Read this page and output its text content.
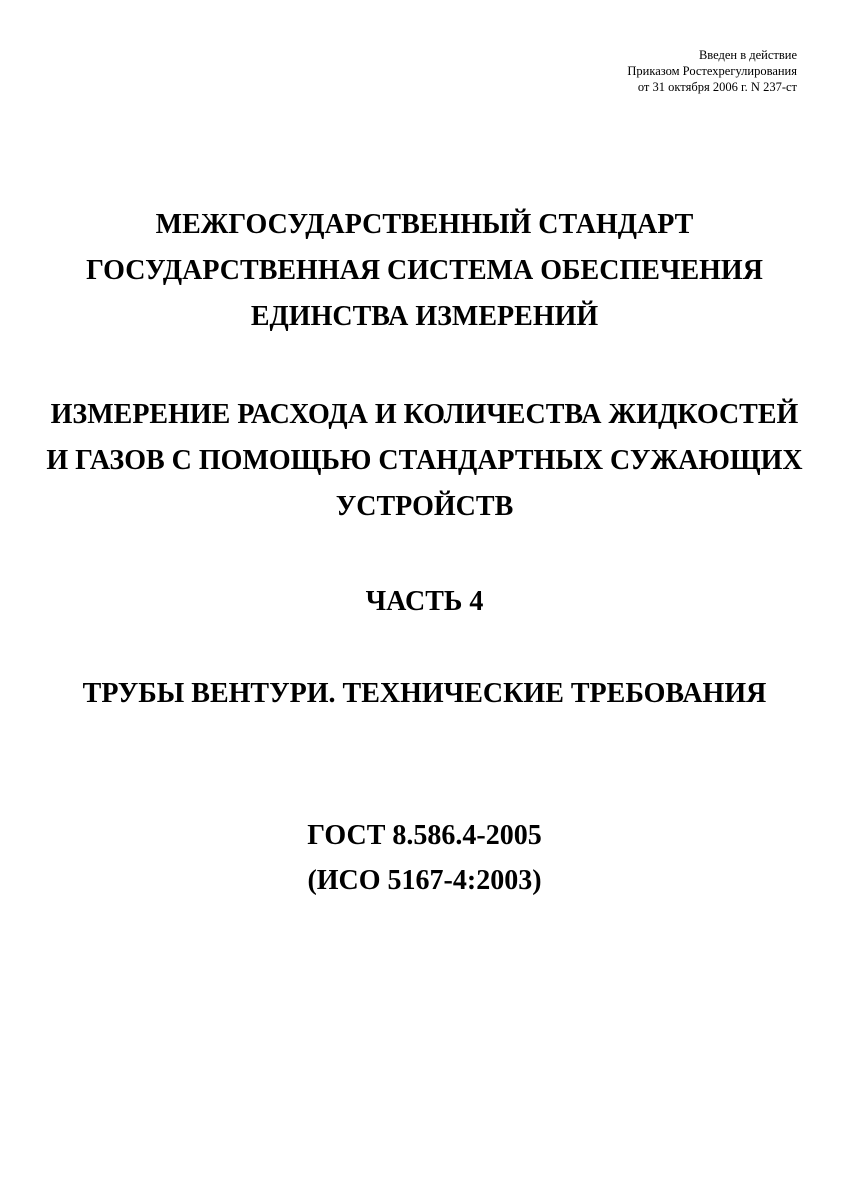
Введен в действие
Приказом Ростехрегулирования
от 31 октября 2006 г. N 237-ст
МЕЖГОСУДАРСТВЕННЫЙ СТАНДАРТ
ГОСУДАРСТВЕННАЯ СИСТЕМА ОБЕСПЕЧЕНИЯ
ЕДИНСТВА ИЗМЕРЕНИЙ
ИЗМЕРЕНИЕ РАСХОДА И КОЛИЧЕСТВА ЖИДКОСТЕЙ
И ГАЗОВ С ПОМОЩЬЮ СТАНДАРТНЫХ СУЖАЮЩИХ
УСТРОЙСТВ
ЧАСТЬ 4
ТРУБЫ ВЕНТУРИ. ТЕХНИЧЕСКИЕ ТРЕБОВАНИЯ
ГОСТ 8.586.4-2005
(ИСО 5167-4:2003)
